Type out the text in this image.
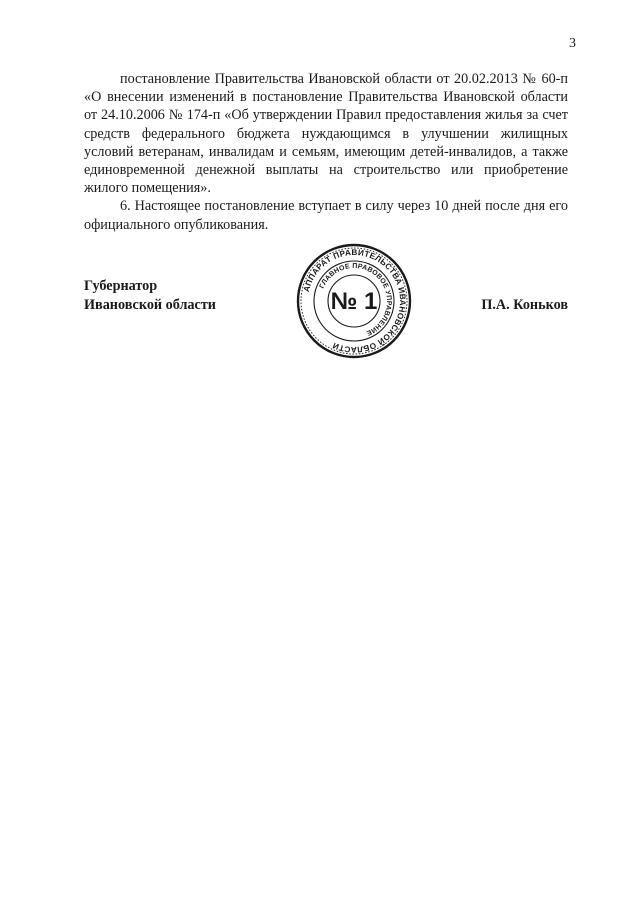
3

постановление Правительства Ивановской области от 20.02.2013 № 60-п «О внесении изменений в постановление Правительства Ивановской области от 24.10.2006 № 174-п «Об утверждении Правил предоставления жилья за счет средств федерального бюджета нуждающимся в улучшении жилищных условий ветеранам, инвалидам и семьям, имеющим детей-инвалидов, а также единовременной денежной выплаты на строительство или приобретение жилого помещения».

6. Настоящее постановление вступает в силу через 10 дней после дня его официального опубликования.

Губернатор
Ивановской области	П.А. Коньков
АППАРАТ ПРАВИТЕЛЬСТВА ИВАНОВСКОЙ ОБЛАСТИ
ГЛАВНОЕ ПРАВОВОЕ УПРАВЛЕНИЕ
№ 1
